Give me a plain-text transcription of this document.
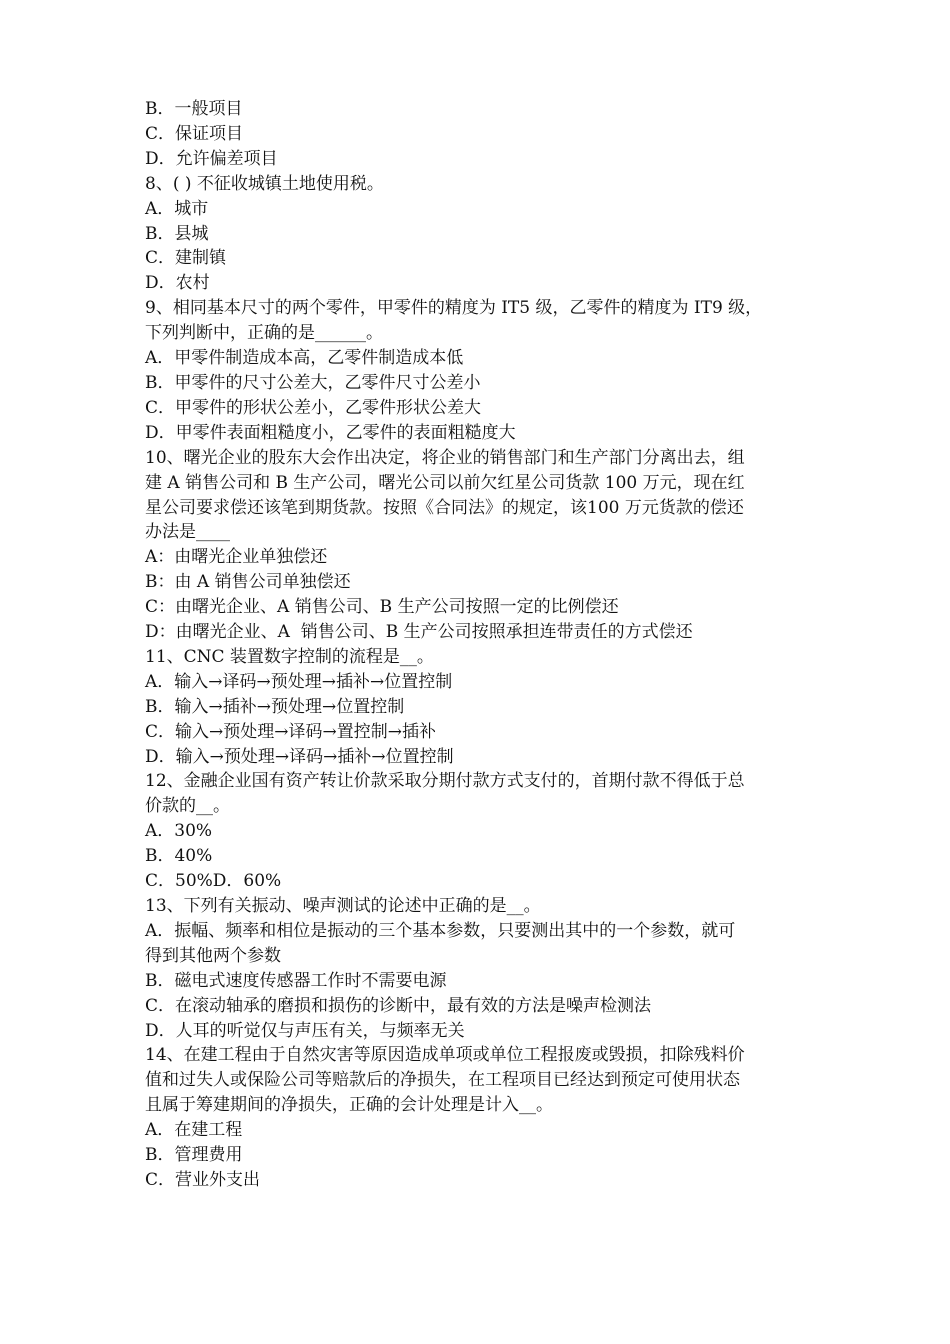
B．一般项目

C．保证项目

D．允许偏差项目

8、( ) 不征收城镇土地使用税。

A．城市

B．县城

C．建制镇

D．农村

9、相同基本尺寸的两个零件，甲零件的精度为 IT5 级，乙零件的精度为 IT9 级，

下列判断中，正确的是______。

A．甲零件制造成本高，乙零件制造成本低

B．甲零件的尺寸公差大，乙零件尺寸公差小

C．甲零件的形状公差小，乙零件形状公差大

D．甲零件表面粗糙度小，乙零件的表面粗糙度大

10、曙光企业的股东大会作出决定，将企业的销售部门和生产部门分离出去，组

建 A 销售公司和 B 生产公司，曙光公司以前欠红星公司货款 100 万元，现在红

星公司要求偿还该笔到期货款。按照《合同法》的规定，该100 万元货款的偿还

办法是____

A：由曙光企业单独偿还

B：由 A 销售公司单独偿还

C：由曙光企业、A 销售公司、B 生产公司按照一定的比例偿还

D：由曙光企业、A  销售公司、B 生产公司按照承担连带责任的方式偿还

11、CNC 装置数字控制的流程是__。

A．输入→译码→预处理→插补→位置控制

B．输入→插补→预处理→位置控制

C．输入→预处理→译码→置控制→插补

D．输入→预处理→译码→插补→位置控制

12、金融企业国有资产转让价款采取分期付款方式支付的，首期付款不得低于总

价款的__。

A．30%

B．40%

C．50%D．60%

13、下列有关振动、噪声测试的论述中正确的是__。

A．振幅、频率和相位是振动的三个基本参数，只要测出其中的一个参数，就可

得到其他两个参数

B．磁电式速度传感器工作时不需要电源

C．在滚动轴承的磨损和损伤的诊断中，最有效的方法是噪声检测法

D．人耳的听觉仅与声压有关，与频率无关

14、在建工程由于自然灾害等原因造成单项或单位工程报废或毁损，扣除残料价

值和过失人或保险公司等赔款后的净损失，在工程项目已经达到预定可使用状态

且属于筹建期间的净损失，正确的会计处理是计入__。

A．在建工程

B．管理费用

C．营业外支出
